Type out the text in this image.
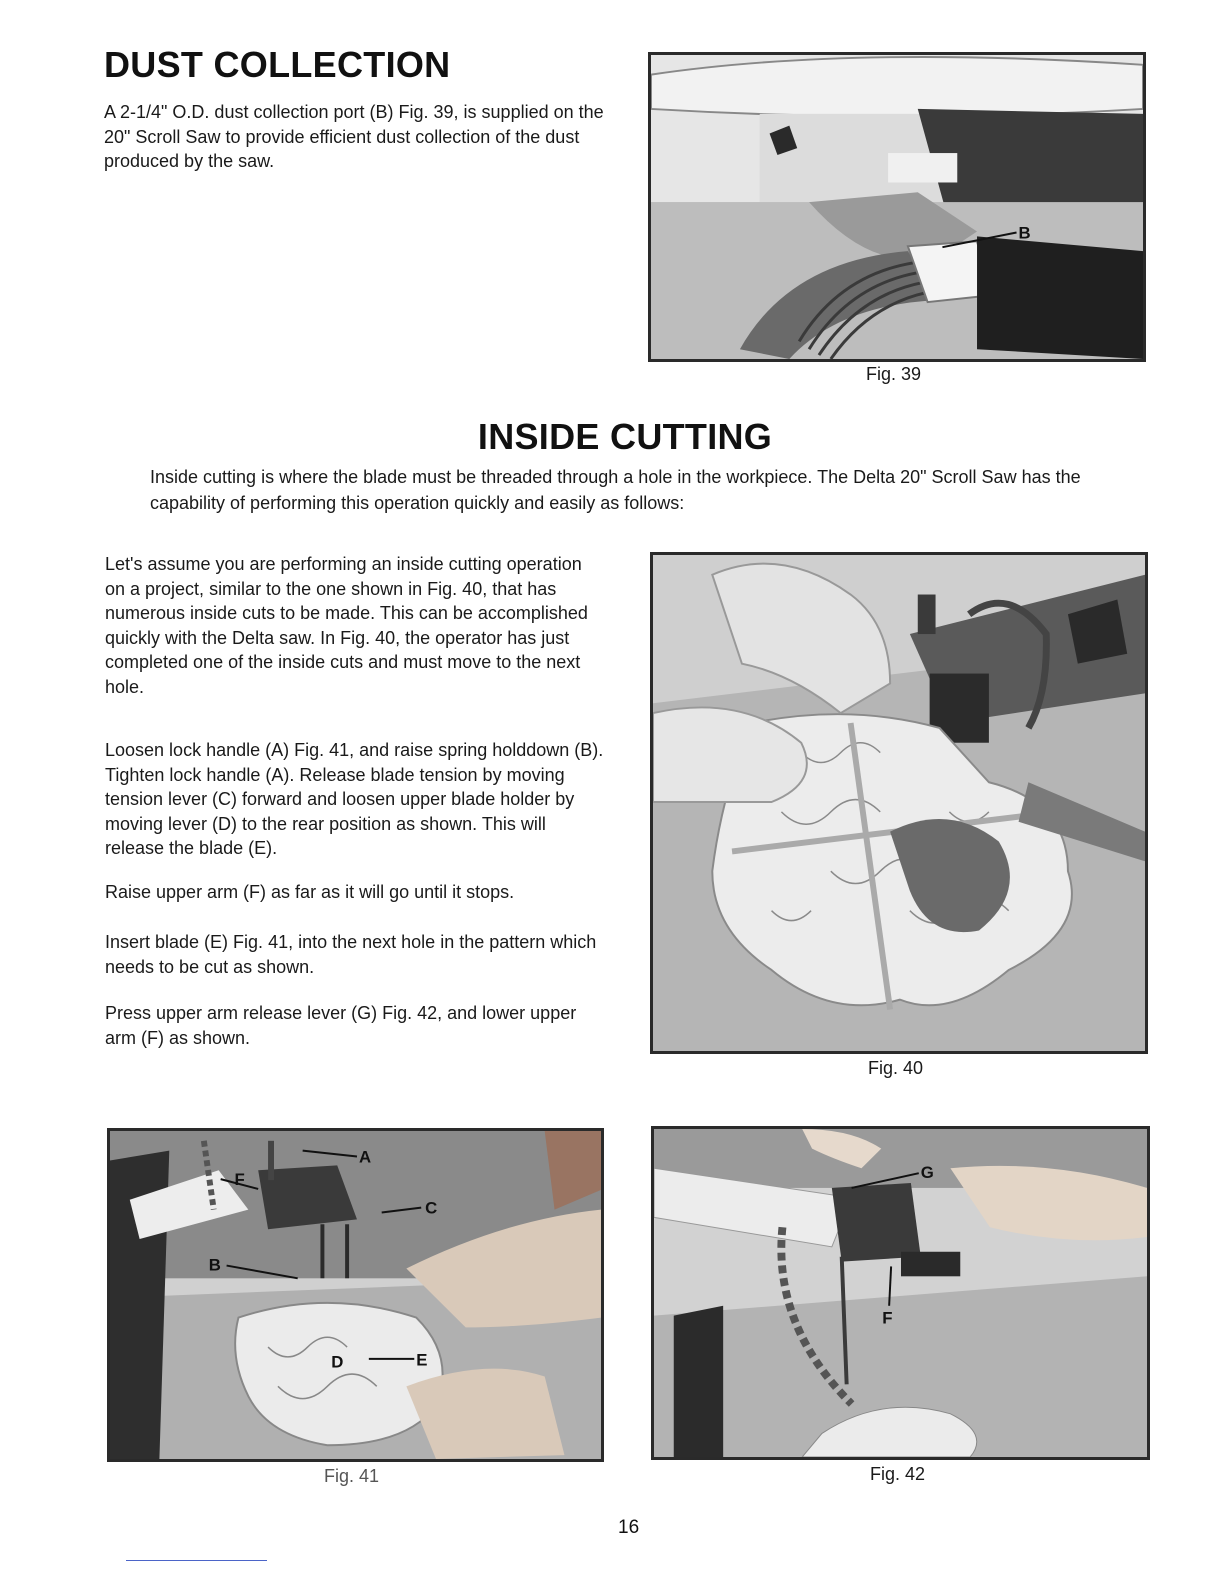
DUST COLLECTION

A 2-1/4" O.D. dust collection port (B) Fig. 39, is supplied on the 20" Scroll Saw to provide efficient dust collection of the dust produced by the saw.

B
Fig. 39
INSIDE CUTTING

Inside cutting is where the blade must be threaded through a hole in the workpiece. The Delta 20" Scroll Saw has the capability of performing this operation quickly and easily as follows:

Let's assume you are performing an inside cutting operation on a project, similar to the one shown in Fig. 40, that has numerous inside cuts to be made. This can be accomplished quickly with the Delta saw. In Fig. 40, the operator has just completed one of the inside cuts and must move to the next hole.

Loosen lock handle (A) Fig. 41, and raise spring holddown (B). Tighten lock handle (A). Release blade tension by moving tension lever (C) forward and loosen upper blade holder by moving lever (D) to the rear position as shown. This will release the blade (E).

Raise upper arm (F) as far as it will go until it stops.

Insert blade (E) Fig. 41, into the next hole in the pattern which needs to be cut as shown.

Press upper arm release lever (G) Fig. 42, and lower upper arm (F) as shown.

Fig. 40
F
A
C
B
D	E
Fig. 41
G
F
Fig. 42
16
